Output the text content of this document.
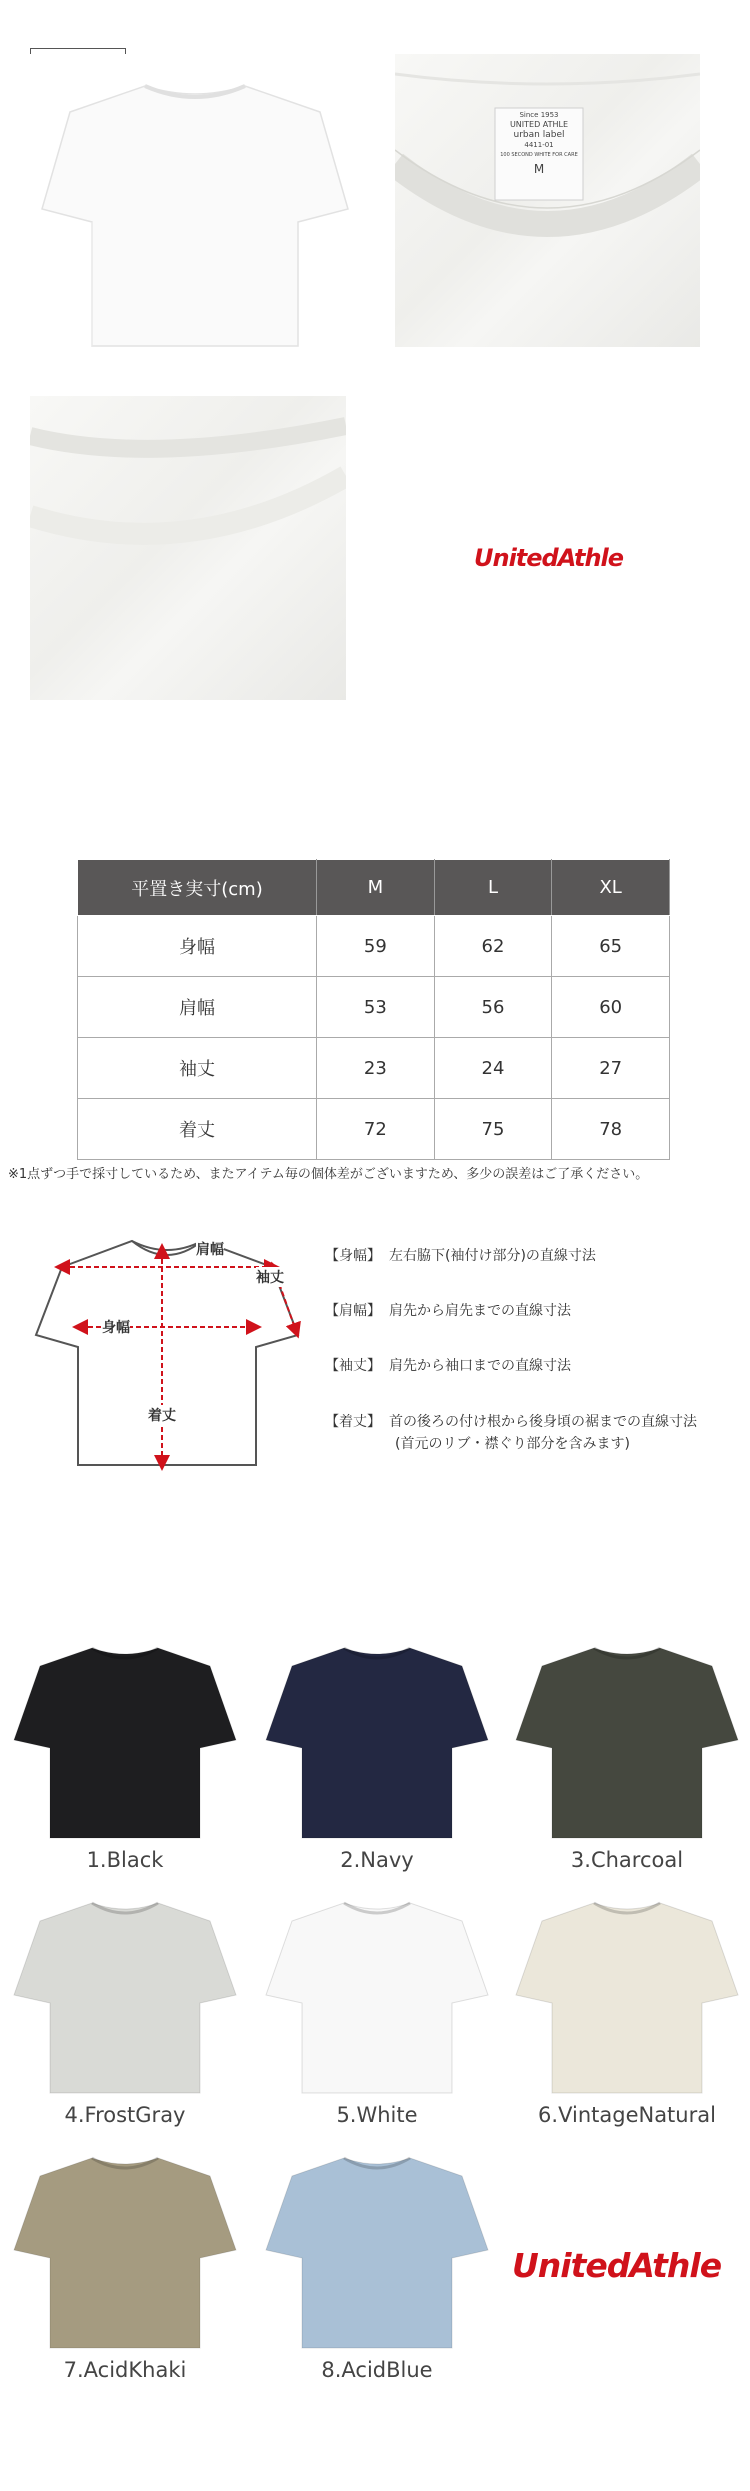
Since 1953
UNITED ATHLE
urban label
4411-01
100 SECOND WHITE FOR CARE
M
UnitedAthle
平置き実寸(cm)	M	L	XL
身幅	59	62	65
肩幅	53	56	60
袖丈	23	24	27
着丈	72	75	78
※1点ずつ手で採寸しているため、またアイテム毎の個体差がございますため、多少の誤差はご了承ください。
肩幅
袖丈
身幅
着丈
【身幅】 左右脇下(袖付け部分)の直線寸法
【肩幅】 肩先から肩先までの直線寸法
【袖丈】 肩先から袖口までの直線寸法
【着丈】 首の後ろの付け根から後身頃の裾までの直線寸法
(首元のリブ・襟ぐり部分を含みます)
1.Black	2.Navy	3.Charcoal
4.FrostGray	5.White	6.VintageNatural
7.AcidKhaki	8.AcidBlue
UnitedAthle
